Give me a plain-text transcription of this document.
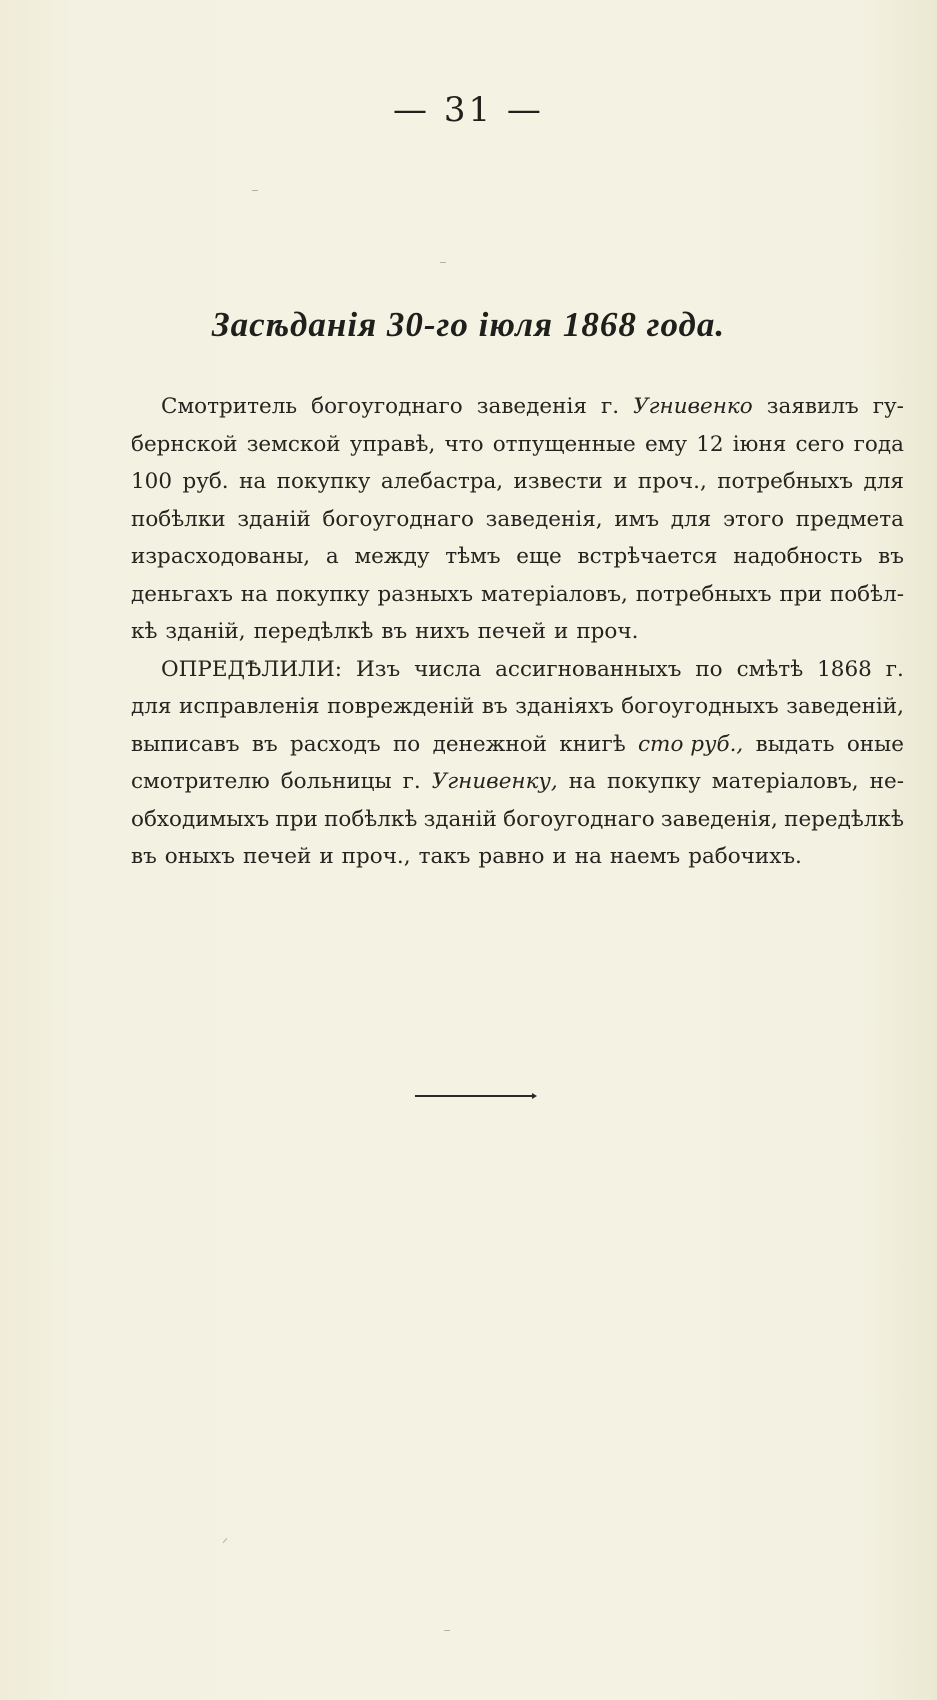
— 31 —
Засѣданія 30-го іюля 1868 года.
Смотритель богоугоднаго заведенія г. Угнивенко заявилъ гу-
бернской земской управѣ, что отпущенные ему 12 іюня сего года
100 руб. на покупку алебастра, извести и проч., потребныхъ для
побѣлки зданій богоугоднаго заведенія, имъ для этого предмета
израсходованы, а между тѣмъ еще встрѣчается надобность въ
деньгахъ на покупку разныхъ матеріаловъ, потребныхъ при побѣл-
кѣ зданій, передѣлкѣ въ нихъ печей и проч.
ОПРЕДѢЛИЛИ: Изъ числа ассигнованныхъ по смѣтѣ 1868 г.
для исправленія поврежденій въ зданіяхъ богоугодныхъ заведеній,
выписавъ въ расходъ по денежной книгѣ сто руб., выдать оные
смотрителю больницы г. Угнивенку, на покупку матеріаловъ, не-
обходимыхъ при побѣлкѣ зданій богоугоднаго заведенія, передѣлкѣ
въ оныхъ печей и проч., такъ равно и на наемъ рабочихъ.
